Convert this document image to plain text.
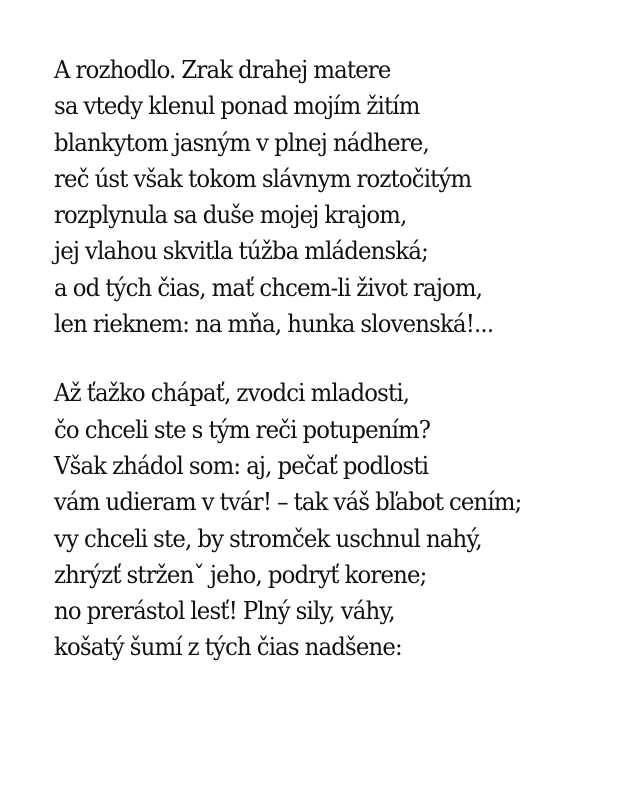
A rozhodlo. Zrak drahej matere
sa vtedy klenul ponad mojím žitím
blankytom jasným v plnej nádhere,
reč úst však tokom slávnym roztočitým
rozplynula sa duše mojej krajom,
jej vlahou skvitla túžba mládenská;
a od tých čias, mať chcem-li život rajom,
len rieknem: na mňa, hunka slovenská!...
Až ťažko chápať, zvodci mladosti,
čo chceli ste s tým reči potupením?
Však zhádol som: aj, pečať podlosti
vám udieram v tvár! – tak váš bľabot cením;
vy chceli ste, by stromček uschnul nahý,
zhrýzť strženˇ jeho, podryť korene;
no prerástol lesť! Plný sily, váhy,
košatý šumí z tých čias nadšene:
